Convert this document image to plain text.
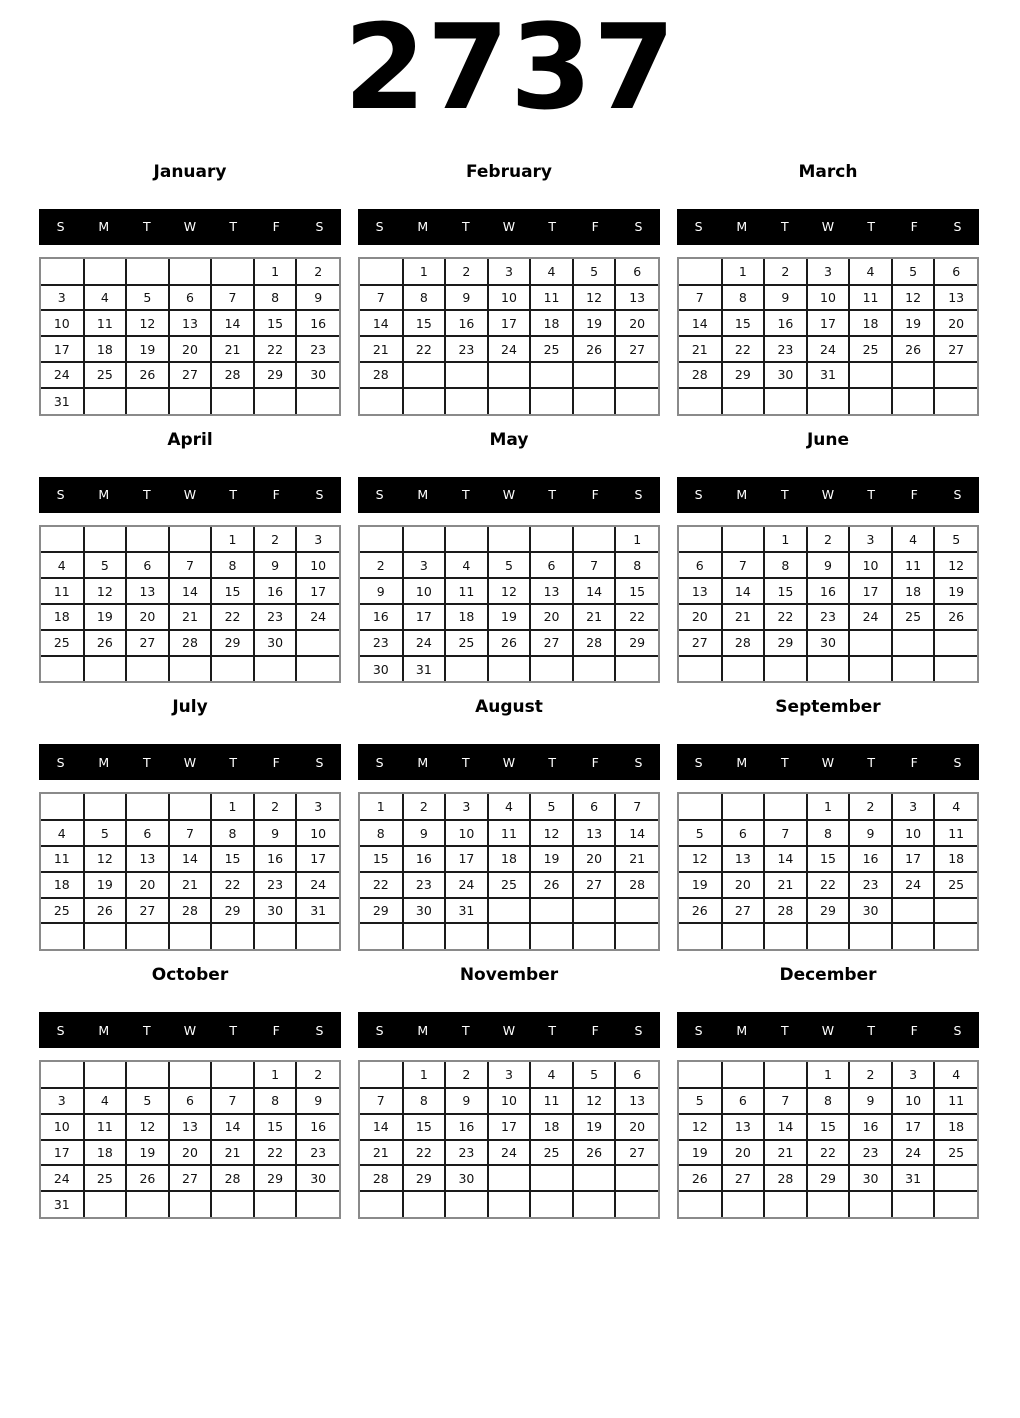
2737
January
S	M	T	W	T	F	S
					1	2
3	4	5	6	7	8	9
10	11	12	13	14	15	16
17	18	19	20	21	22	23
24	25	26	27	28	29	30
31						
February
S	M	T	W	T	F	S
	1	2	3	4	5	6
7	8	9	10	11	12	13
14	15	16	17	18	19	20
21	22	23	24	25	26	27
28						

March
S	M	T	W	T	F	S
	1	2	3	4	5	6
7	8	9	10	11	12	13
14	15	16	17	18	19	20
21	22	23	24	25	26	27
28	29	30	31			

April
S	M	T	W	T	F	S
				1	2	3
4	5	6	7	8	9	10
11	12	13	14	15	16	17
18	19	20	21	22	23	24
25	26	27	28	29	30	

May
S	M	T	W	T	F	S
						1
2	3	4	5	6	7	8
9	10	11	12	13	14	15
16	17	18	19	20	21	22
23	24	25	26	27	28	29
30	31					
June
S	M	T	W	T	F	S
		1	2	3	4	5
6	7	8	9	10	11	12
13	14	15	16	17	18	19
20	21	22	23	24	25	26
27	28	29	30			

July
S	M	T	W	T	F	S
				1	2	3
4	5	6	7	8	9	10
11	12	13	14	15	16	17
18	19	20	21	22	23	24
25	26	27	28	29	30	31

August
S	M	T	W	T	F	S
1	2	3	4	5	6	7
8	9	10	11	12	13	14
15	16	17	18	19	20	21
22	23	24	25	26	27	28
29	30	31				

September
S	M	T	W	T	F	S
			1	2	3	4
5	6	7	8	9	10	11
12	13	14	15	16	17	18
19	20	21	22	23	24	25
26	27	28	29	30		

October
S	M	T	W	T	F	S
					1	2
3	4	5	6	7	8	9
10	11	12	13	14	15	16
17	18	19	20	21	22	23
24	25	26	27	28	29	30
31						
November
S	M	T	W	T	F	S
	1	2	3	4	5	6
7	8	9	10	11	12	13
14	15	16	17	18	19	20
21	22	23	24	25	26	27
28	29	30				

December
S	M	T	W	T	F	S
			1	2	3	4
5	6	7	8	9	10	11
12	13	14	15	16	17	18
19	20	21	22	23	24	25
26	27	28	29	30	31	
